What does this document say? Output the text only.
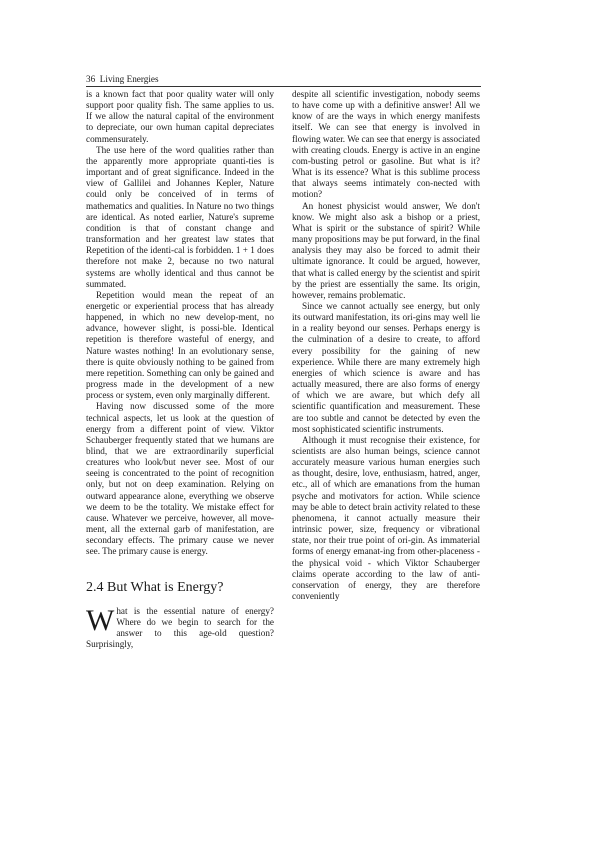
36 Living Energies

is a known fact that poor quality water will only support poor quality fish. The same applies to us. If we allow the natural capital of the environment to depreciate, our own human capital depreciates commensurately.

The use here of the word qualities rather than the apparently more appropriate quanti-ties is important and of great significance. Indeed in the view of Gallilei and Johannes Kepler, Nature could only be conceived of in terms of mathematics and qualities. In Nature no two things are identical. As noted earlier, Nature's supreme condition is that of constant change and transformation and her greatest law states that Repetition of the identi-cal is forbidden. 1 + 1 does therefore not make 2, because no two natural systems are wholly identical and thus cannot be summated.

Repetition would mean the repeat of an energetic or experiential process that has already happened, in which no new develop-ment, no advance, however slight, is possi-ble. Identical repetition is therefore wasteful of energy, and Nature wastes nothing! In an evolutionary sense, there is quite obviously nothing to be gained from mere repetition. Something can only be gained and progress made in the development of a new process or system, even only marginally different.

Having now discussed some of the more technical aspects, let us look at the question of energy from a different point of view. Viktor Schauberger frequently stated that we humans are blind, that we are extraordinarily superficial creatures who look/but never see. Most of our seeing is concentrated to the point of recognition only, but not on deep examination. Relying on outward appearance alone, everything we observe we deem to be the totality. We mistake effect for cause. Whatever we perceive, however, all move-ment, all the external garb of manifestation, are secondary effects. The primary cause we never see. The primary cause is energy.

2.4 But What is Energy?

What is the essential nature of energy? Where do we begin to search for the answer to this age-old question? Surprisingly,

despite all scientific investigation, nobody seems to have come up with a definitive answer! All we know of are the ways in which energy manifests itself. We can see that energy is involved in flowing water. We can see that energy is associated with creating clouds. Energy is active in an engine com-busting petrol or gasoline. But what is it? What is its essence? What is this sublime process that always seems intimately con-nected with motion?

An honest physicist would answer, We don't know. We might also ask a bishop or a priest, What is spirit or the substance of spirit? While many propositions may be put forward, in the final analysis they may also be forced to admit their ultimate ignorance. It could be argued, however, that what is called energy by the scientist and spirit by the priest are essentially the same. Its origin, however, remains problematic.

Since we cannot actually see energy, but only its outward manifestation, its ori-gins may well lie in a reality beyond our senses. Perhaps energy is the culmination of a desire to create, to afford every possibility for the gaining of new experience. While there are many extremely high energies of which science is aware and has actually measured, there are also forms of energy of which we are aware, but which defy all scientific quantification and measurement. These are too subtle and cannot be detected by even the most sophisticated scientific instruments.

Although it must recognise their existence, for scientists are also human beings, science cannot accurately measure various human energies such as thought, desire, love, enthusiasm, hatred, anger, etc., all of which are emanations from the human psyche and motivators for action. While science may be able to detect brain activity related to these phenomena, it cannot actually measure their intrinsic power, size, frequency or vibrational state, nor their true point of ori-gin. As immaterial forms of energy emanat-ing from other-placeness - the physical void - which Viktor Schauberger claims operate according to the law of anti-conservation of energy, they are therefore conveniently
